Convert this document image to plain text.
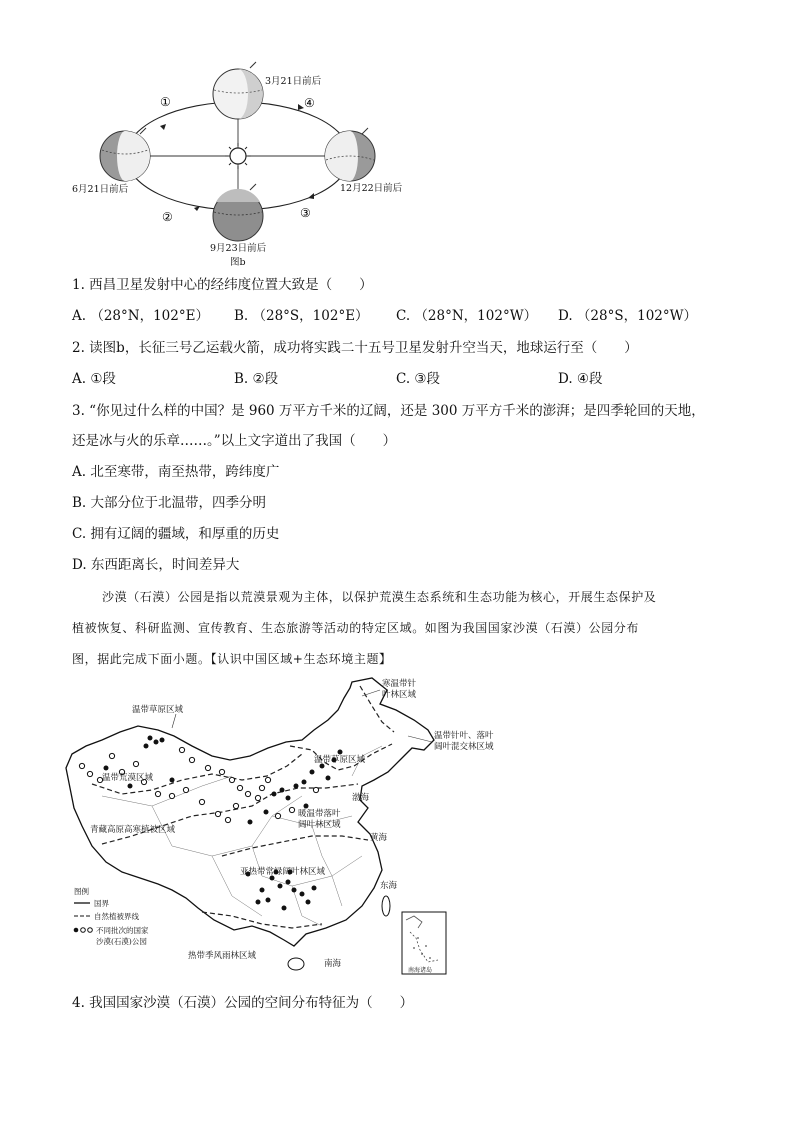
3月21日前后
6月21日前后
9月23日前后
图b
12月22日前后
①
②	③
④
1. 西昌卫星发射中心的经纬度位置大致是（　　）
A. （28°N，102°E） B. （28°S，102°E） C. （28°N，102°W） D. （28°S，102°W）
2. 读图b，长征三号乙运载火箭，成功将实践二十五号卫星发射升空当天，地球运行至（　　）
A. ①段	B. ②段	C. ③段	D. ④段
3. “你见过什么样的中国？是 960 万平方千米的辽阔，还是 300 万平方千米的澎湃；是四季轮回的天地，
还是冰与火的乐章……。”以上文字道出了我国（　　）
A. 北至寒带，南至热带，跨纬度广
B. 大部分位于北温带，四季分明
C. 拥有辽阔的疆域，和厚重的历史
D. 东西距离长，时间差异大
沙漠（石漠）公园是指以荒漠景观为主体，以保护荒漠生态系统和生态功能为核心，开展生态保护及
植被恢复、科研监测、宣传教育、生态旅游等活动的特定区域。如图为我国国家沙漠（石漠）公园分布
图，据此完成下面小题。【认识中国区域+生态环境主题】
寒温带针
叶林区域
温带草原区域
温带针叶、落叶
阔叶混交林区域
温带荒漠区域
温带草原区域
暖温带落叶
阔叶林区域
青藏高原高寒植被区域
亚热带常绿阔叶林区域
热带季风雨林区域
渤海
黄海
东海
南海
图例
国界
自然植被界线
不同批次的国家
沙漠(石漠)公园
南海诸岛
4. 我国国家沙漠（石漠）公园的空间分布特征为（　　）
